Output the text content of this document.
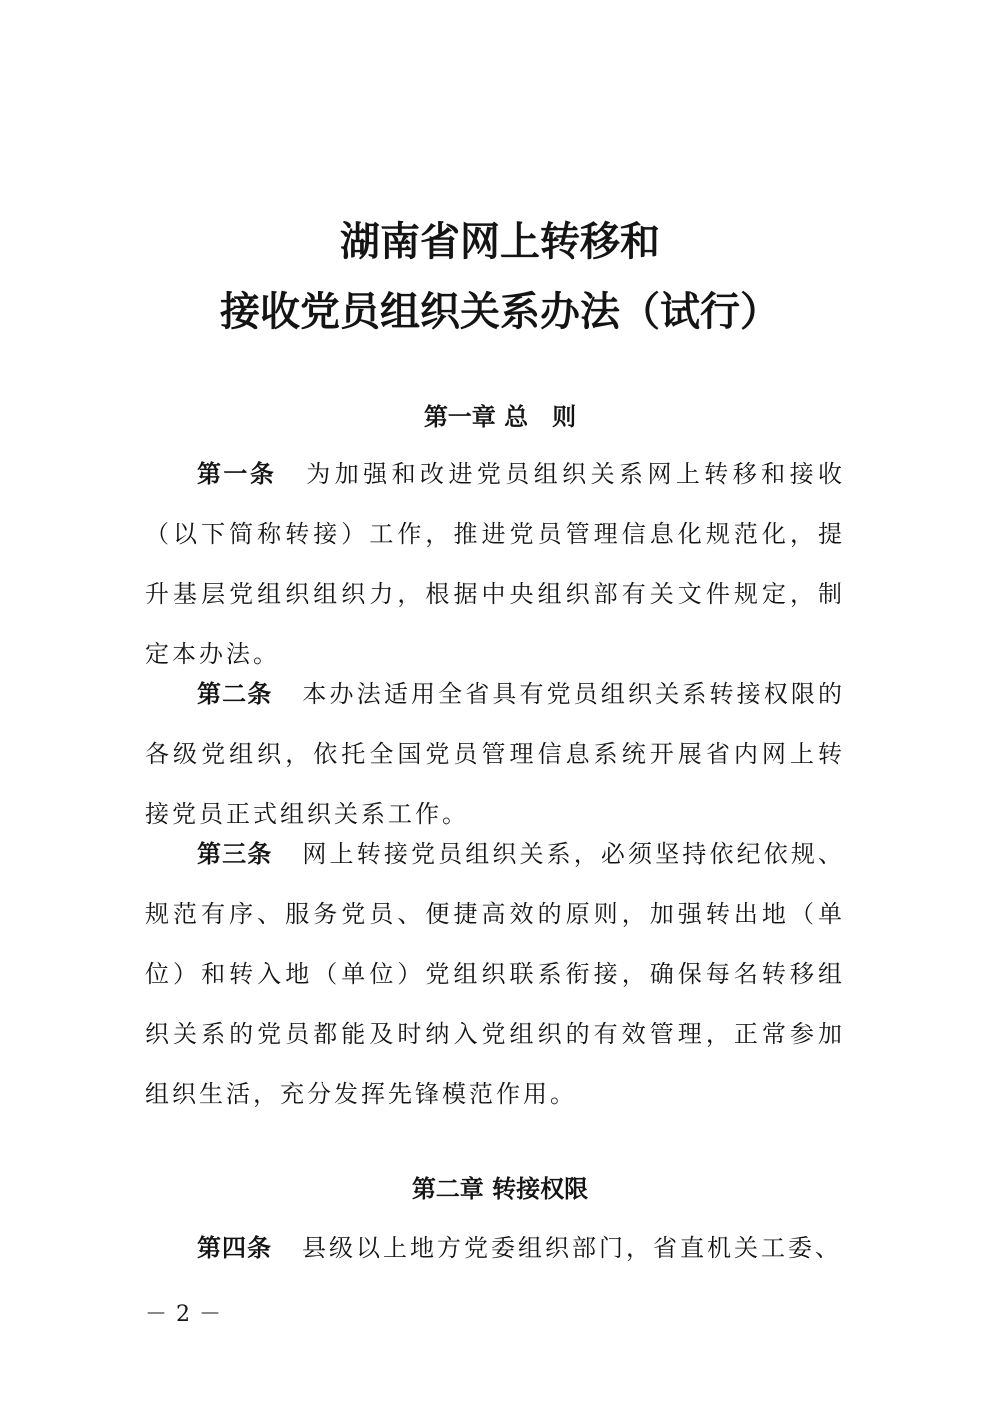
湖南省网上转移和
接收党员组织关系办法（试行）
第一章 总　则

第一条 为加强和改进党员组织关系网上转移和接收（以下简称转接）工作，推进党员管理信息化规范化，提升基层党组织组织力，根据中央组织部有关文件规定，制定本办法。

第二条 本办法适用全省具有党员组织关系转接权限的各级党组织，依托全国党员管理信息系统开展省内网上转接党员正式组织关系工作。

第三条 网上转接党员组织关系，必须坚持依纪依规、规范有序、服务党员、便捷高效的原则，加强转出地（单位）和转入地（单位）党组织联系衔接，确保每名转移组织关系的党员都能及时纳入党组织的有效管理，正常参加组织生活，充分发挥先锋模范作用。

第二章 转接权限

第四条 县级以上地方党委组织部门，省直机关工委、

－ 2 －
